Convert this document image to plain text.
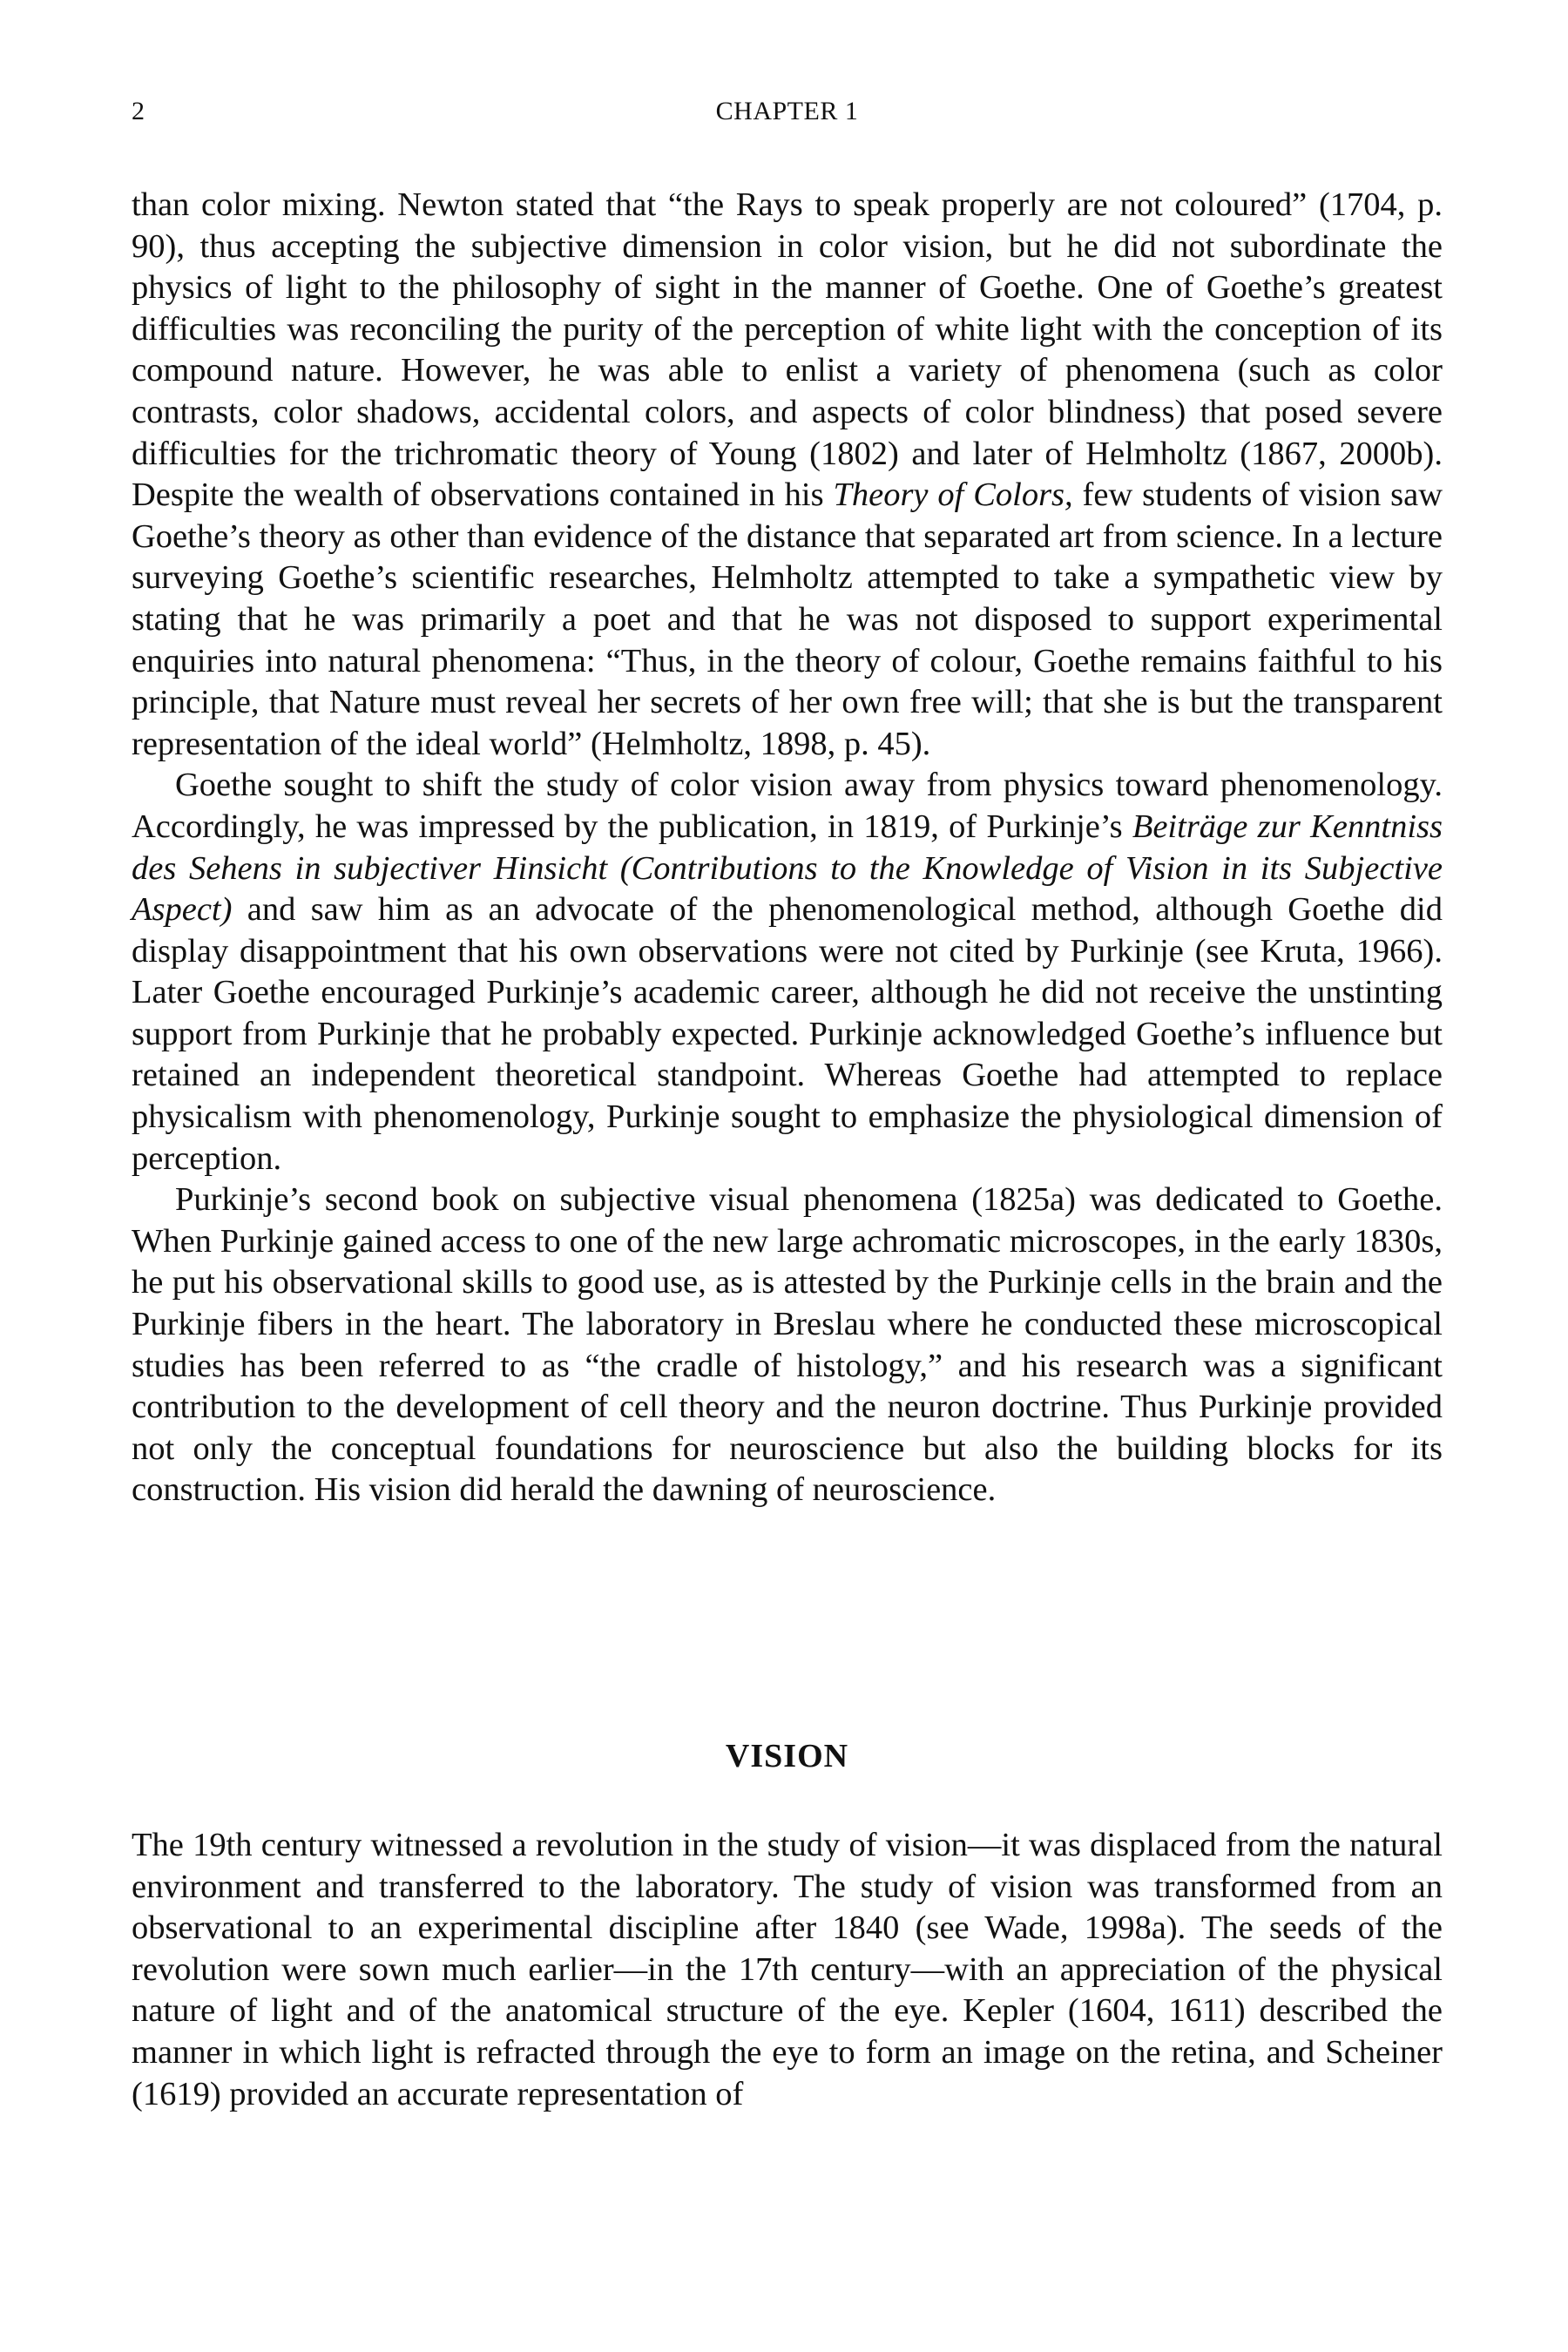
2	CHAPTER 1

than color mixing. Newton stated that “the Rays to speak properly are not coloured” (1704, p. 90), thus accepting the subjective dimension in color vision, but he did not subordinate the physics of light to the philosophy of sight in the manner of Goethe. One of Goethe’s greatest difficulties was reconciling the purity of the perception of white light with the conception of its compound nature. However, he was able to enlist a variety of phenomena (such as color contrasts, color shadows, accidental colors, and aspects of color blindness) that posed severe difficulties for the trichromatic theory of Young (1802) and later of Helmholtz (1867, 2000b). Despite the wealth of observations contained in his Theory of Colors, few students of vision saw Goethe’s theory as other than evidence of the distance that separated art from science. In a lecture surveying Goethe’s scientific researches, Helmholtz attempted to take a sympathetic view by stating that he was primarily a poet and that he was not disposed to support experimental enquiries into natural phenomena: “Thus, in the theory of colour, Goethe remains faithful to his principle, that Nature must reveal her secrets of her own free will; that she is but the transparent representation of the ideal world” (Helmholtz, 1898, p. 45).

Goethe sought to shift the study of color vision away from physics toward phenomenology. Accordingly, he was impressed by the publication, in 1819, of Purkinje’s Beiträge zur Kenntniss des Sehens in subjectiver Hinsicht (Contributions to the Knowledge of Vision in its Subjective Aspect) and saw him as an advocate of the phenomenological method, although Goethe did display disappointment that his own observations were not cited by Purkinje (see Kruta, 1966). Later Goethe encouraged Purkinje’s academic career, although he did not receive the unstinting support from Purkinje that he probably expected. Purkinje acknowledged Goethe’s influence but retained an independent theoretical standpoint. Whereas Goethe had attempted to replace physicalism with phenomenology, Purkinje sought to emphasize the physiological dimension of perception.

Purkinje’s second book on subjective visual phenomena (1825a) was dedicated to Goethe. When Purkinje gained access to one of the new large achromatic microscopes, in the early 1830s, he put his observational skills to good use, as is attested by the Purkinje cells in the brain and the Purkinje fibers in the heart. The laboratory in Breslau where he conducted these microscopical studies has been referred to as “the cradle of histology,” and his research was a significant contribution to the development of cell theory and the neuron doctrine. Thus Purkinje provided not only the conceptual foundations for neuroscience but also the building blocks for its construction. His vision did herald the dawning of neuroscience.

VISION

The 19th century witnessed a revolution in the study of vision—it was displaced from the natural environment and transferred to the laboratory. The study of vision was transformed from an observational to an experimental discipline after 1840 (see Wade, 1998a). The seeds of the revolution were sown much earlier—in the 17th century—with an appreciation of the physical nature of light and of the anatomical structure of the eye. Kepler (1604, 1611) described the manner in which light is refracted through the eye to form an image on the retina, and Scheiner (1619) provided an accurate representation of
